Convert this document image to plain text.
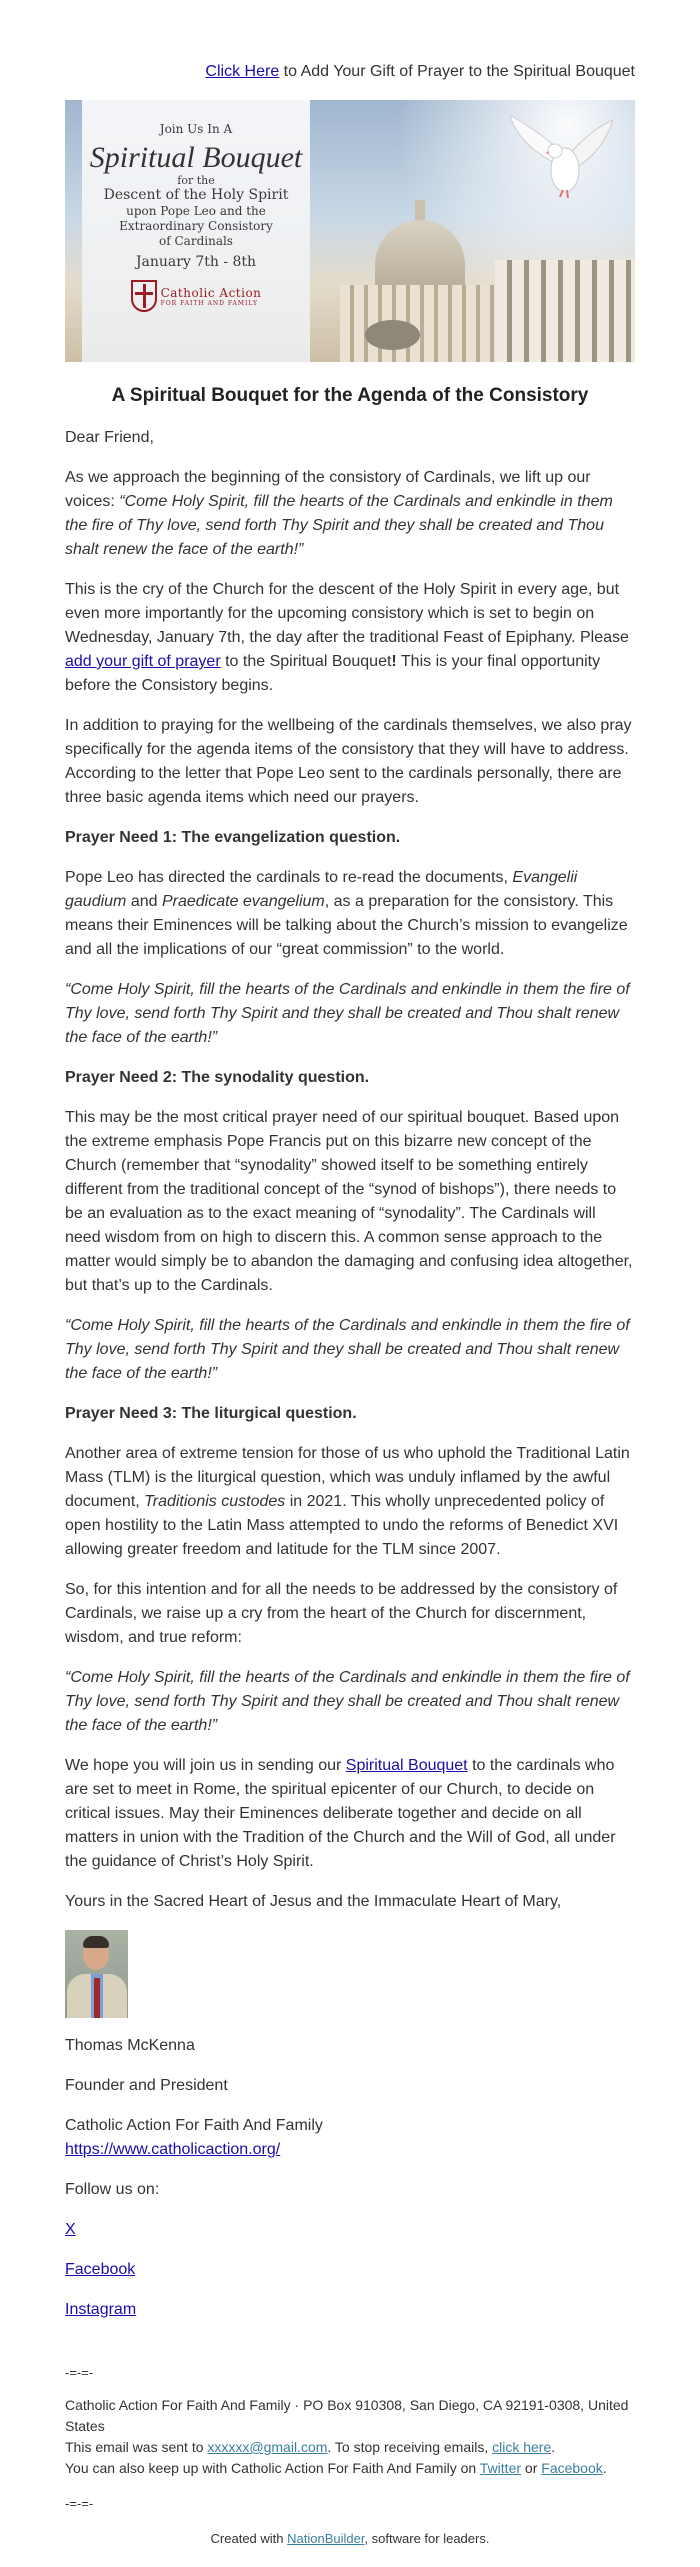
Click Here to Add Your Gift of Prayer to the Spiritual Bouquet
Join Us In A
Spiritual Bouquet
for the
Descent of the Holy Spirit
upon Pope Leo and the
Extraordinary Consistory
of Cardinals
January 7th - 8th
Catholic Action
FOR FAITH AND FAMILY
A Spiritual Bouquet for the Agenda of the Consistory

Dear Friend,

As we approach the beginning of the consistory of Cardinals, we lift up our voices: “Come Holy Spirit, fill the hearts of the Cardinals and enkindle in them the fire of Thy love, send forth Thy Spirit and they shall be created and Thou shalt renew the face of the earth!”

This is the cry of the Church for the descent of the Holy Spirit in every age, but even more importantly for the upcoming consistory which is set to begin on Wednesday, January 7th, the day after the traditional Feast of Epiphany. Please add your gift of prayer to the Spiritual Bouquet! This is your final opportunity before the Consistory begins.

In addition to praying for the wellbeing of the cardinals themselves, we also pray specifically for the agenda items of the consistory that they will have to address. According to the letter that Pope Leo sent to the cardinals personally, there are three basic agenda items which need our prayers.

Prayer Need 1: The evangelization question.

Pope Leo has directed the cardinals to re-read the documents, Evangelii gaudium and Praedicate evangelium, as a preparation for the consistory. This means their Eminences will be talking about the Church’s mission to evangelize and all the implications of our “great commission” to the world.

“Come Holy Spirit, fill the hearts of the Cardinals and enkindle in them the fire of Thy love, send forth Thy Spirit and they shall be created and Thou shalt renew the face of the earth!”

Prayer Need 2: The synodality question.

This may be the most critical prayer need of our spiritual bouquet. Based upon the extreme emphasis Pope Francis put on this bizarre new concept of the Church (remember that “synodality” showed itself to be something entirely different from the traditional concept of the “synod of bishops”), there needs to be an evaluation as to the exact meaning of “synodality”. The Cardinals will need wisdom from on high to discern this. A common sense approach to the matter would simply be to abandon the damaging and confusing idea altogether, but that’s up to the Cardinals.

“Come Holy Spirit, fill the hearts of the Cardinals and enkindle in them the fire of Thy love, send forth Thy Spirit and they shall be created and Thou shalt renew the face of the earth!”

Prayer Need 3: The liturgical question.

Another area of extreme tension for those of us who uphold the Traditional Latin Mass (TLM) is the liturgical question, which was unduly inflamed by the awful document, Traditionis custodes in 2021. This wholly unprecedented policy of open hostility to the Latin Mass attempted to undo the reforms of Benedict XVI allowing greater freedom and latitude for the TLM since 2007.

So, for this intention and for all the needs to be addressed by the consistory of Cardinals, we raise up a cry from the heart of the Church for discernment, wisdom, and true reform:

“Come Holy Spirit, fill the hearts of the Cardinals and enkindle in them the fire of Thy love, send forth Thy Spirit and they shall be created and Thou shalt renew the face of the earth!”

We hope you will join us in sending our Spiritual Bouquet to the cardinals who are set to meet in Rome, the spiritual epicenter of our Church, to decide on critical issues. May their Eminences deliberate together and decide on all matters in union with the Tradition of the Church and the Will of God, all under the guidance of Christ’s Holy Spirit.

Yours in the Sacred Heart of Jesus and the Immaculate Heart of Mary,

Thomas McKenna

Founder and President

Catholic Action For Faith And Family
https://www.catholicaction.org/

Follow us on:

X

Facebook

Instagram

-=-=-
Catholic Action For Faith And Family · PO Box 910308, San Diego, CA 92191-0308, United States
This email was sent to xxxxxx@gmail.com. To stop receiving emails, click here.
You can also keep up with Catholic Action For Faith And Family on Twitter or Facebook.
-=-=-
Created with NationBuilder, software for leaders.
